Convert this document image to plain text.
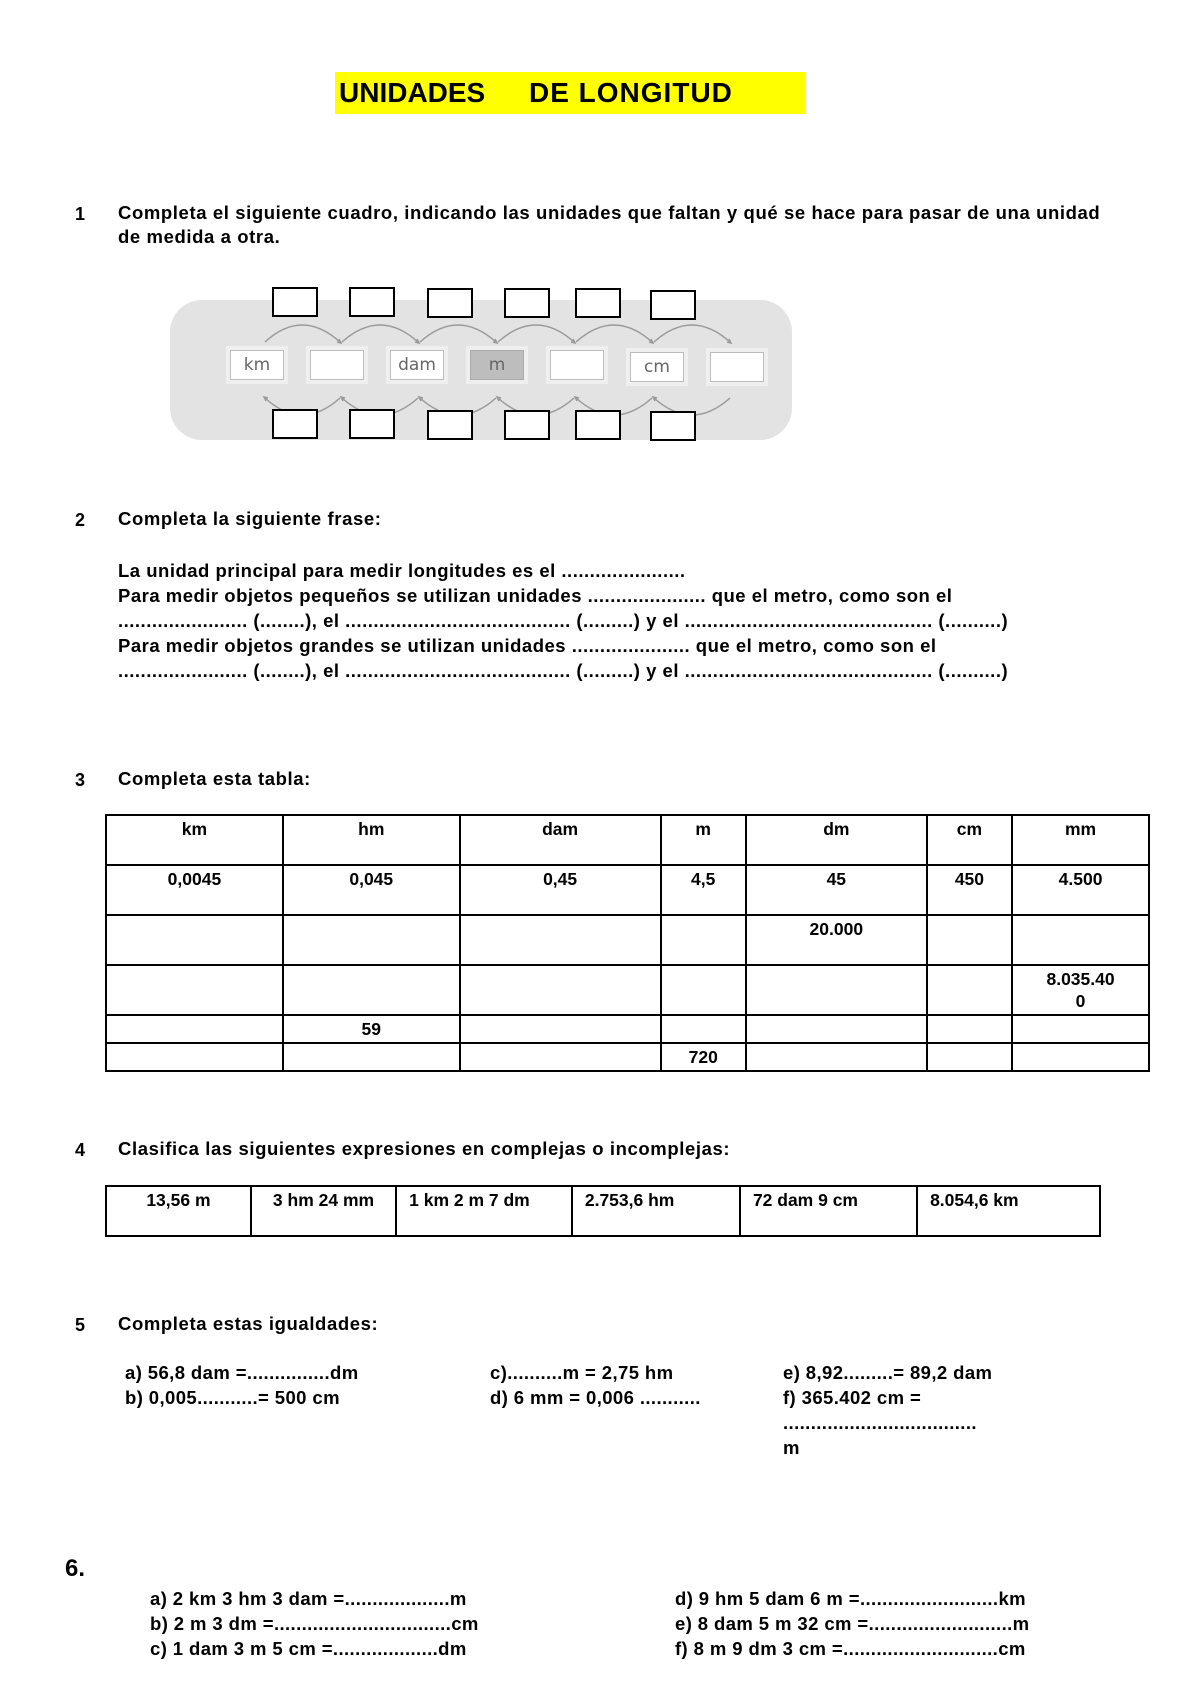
UNIDADES	DE LONGITUD
1 Completa el siguiente cuadro, indicando las unidades que faltan y qué se hace para pasar de una unidad de medida a otra.
km	dam	m	cm
2 Completa la siguiente frase:
La unidad principal para medir longitudes es el ......................
Para medir objetos pequeños se utilizan unidades ..................... que el metro, como son el
....................... (........), el ........................................ (.........) y el ............................................ (..........)
Para medir objetos grandes se utilizan unidades ..................... que el metro, como son el
....................... (........), el ........................................ (.........) y el ............................................ (..........)
3 Completa esta tabla:
km	hm	dam	m	dm	cm	mm
0,0045	0,045	0,45	4,5	45	450	4.500
				20.000		
						8.035.400
	59					
			720			
4 Clasifica las siguientes expresiones en complejas o incomplejas:
13,56 m	3 hm 24 mm	1 km 2 m 7 dm	2.753,6 hm	72 dam 9 cm	8.054,6 km
5 Completa estas igualdades:
a) 56,8 dam =...............dm
b) 0,005...........= 500 cm
c)..........m = 2,75 hm
d) 6 mm = 0,006 ...........
e) 8,92.........= 89,2 dam
f) 365.402 cm =
...................................
m
6.
a) 2 km 3 hm 3 dam =...................m
b) 2 m 3 dm =................................cm
c) 1 dam 3 m 5 cm =...................dm
d) 9 hm 5 dam 6 m =.........................km
e) 8 dam 5 m 32 cm =..........................m
f) 8 m 9 dm 3 cm =............................cm
